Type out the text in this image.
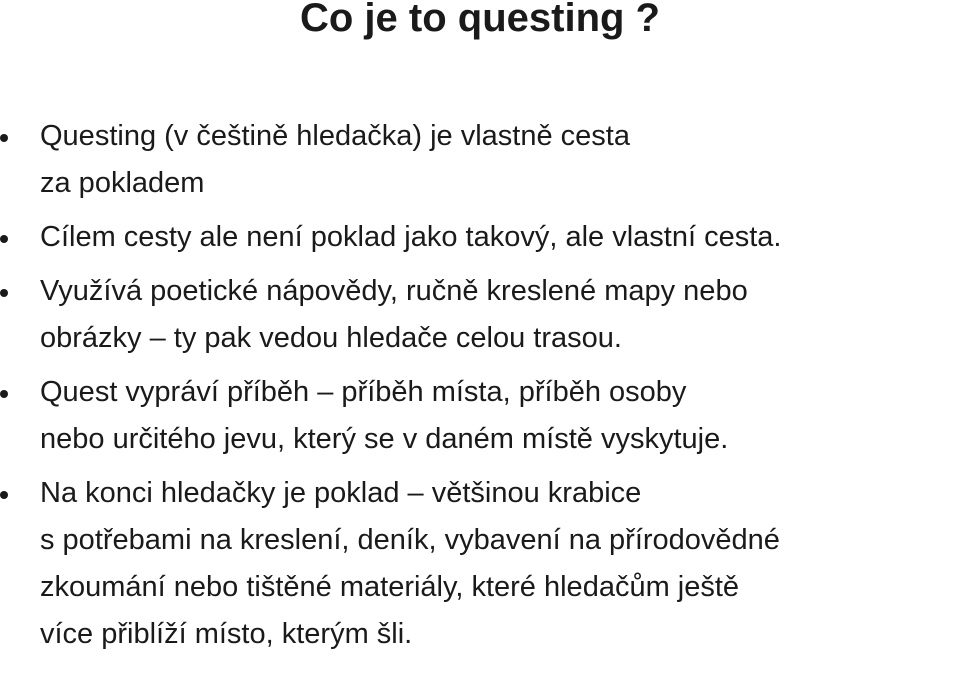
Co je to questing ?
Questing (v češtině hledačka) je vlastně cesta
za pokladem
Cílem cesty ale není poklad jako takový, ale vlastní cesta.
Využívá poetické nápovědy, ručně kreslené mapy nebo
obrázky – ty pak vedou hledače celou trasou.
Quest vypráví příběh – příběh místa, příběh osoby
nebo určitého jevu, který se v daném místě vyskytuje.
Na konci hledačky je poklad – většinou krabice
s potřebami na kreslení, deník, vybavení na přírodovědné
zkoumání nebo tištěné materiály, které hledačům ještě
více přiblíží místo, kterým šli.
